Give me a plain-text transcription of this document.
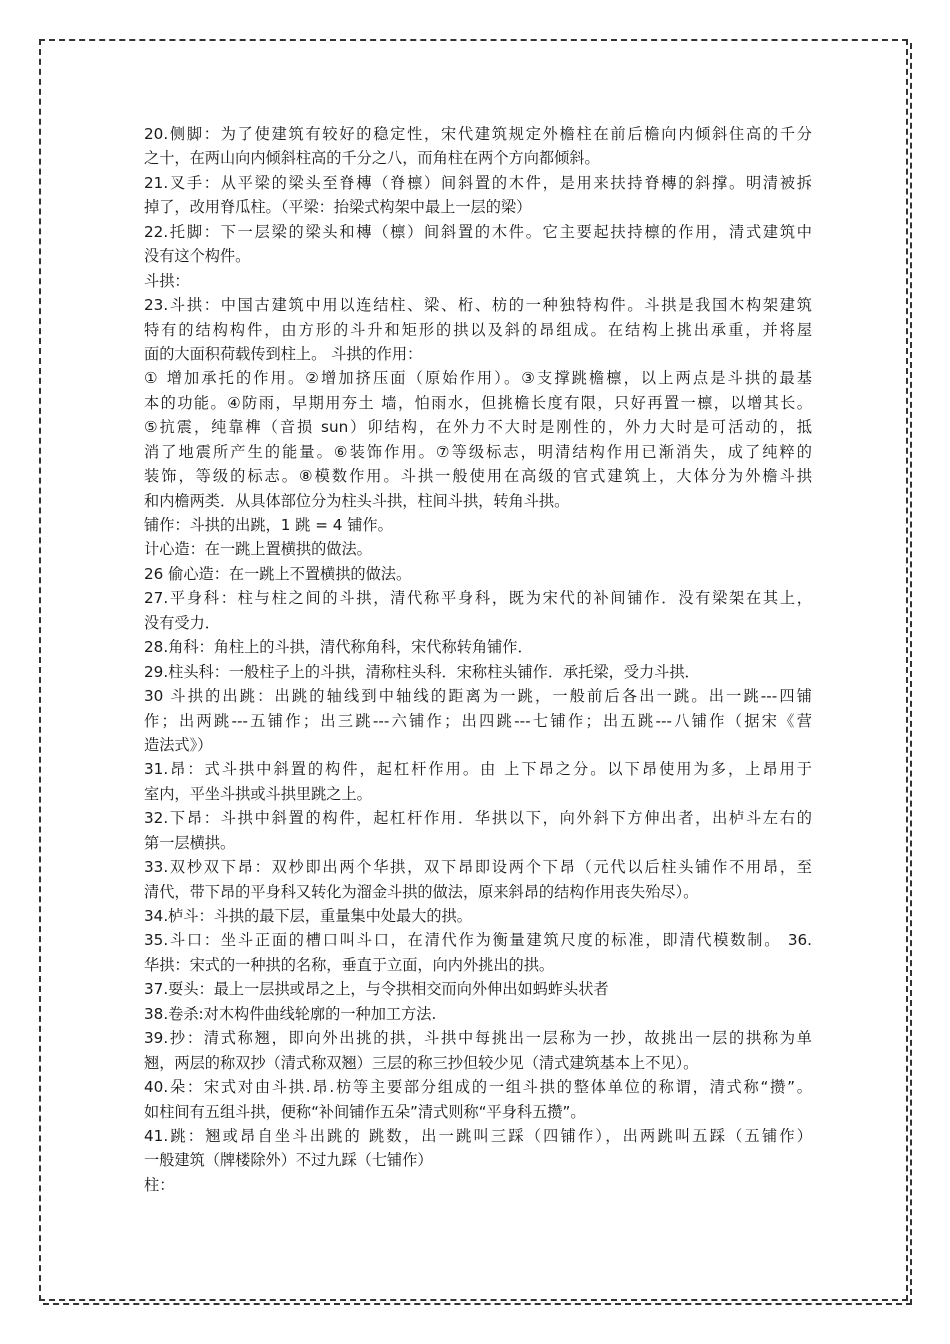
20.侧脚：为了使建筑有较好的稳定性，宋代建筑规定外檐柱在前后檐向内倾斜住高的千分
之十，在两山向内倾斜柱高的千分之八，而角柱在两个方向都倾斜。
21.叉手：从平梁的梁头至脊槫（脊檩）间斜置的木件，是用来扶持脊槫的斜撑。明清被拆
掉了，改用脊瓜柱。（平梁：抬梁式构架中最上一层的梁）
22.托脚：下一层梁的梁头和槫（檩）间斜置的木件。它主要起扶持檩的作用，清式建筑中
没有这个构件。
斗拱：
23.斗拱：中国古建筑中用以连结柱、梁、桁、枋的一种独特构件。斗拱是我国木构架建筑
特有的结构构件，由方形的斗升和矩形的拱以及斜的昂组成。在结构上挑出承重，并将屋
面的大面积荷载传到柱上。 斗拱的作用：
① 增加承托的作用。②增加挤压面（原始作用）。③支撑跳檐檩，以上两点是斗拱的最基
本的功能。④防雨，早期用夯土 墙，怕雨水，但挑檐长度有限，只好再置一檩，以增其长。
⑤抗震，纯靠榫（音损 sun）卯结构，在外力不大时是刚性的，外力大时是可活动的，抵
消了地震所产生的能量。⑥装饰作用。⑦等级标志，明清结构作用已渐消失，成了纯粹的
装饰，等级的标志。⑧模数作用。斗拱一般使用在高级的官式建筑上，大体分为外檐斗拱
和内檐两类．从具体部位分为柱头斗拱，柱间斗拱，转角斗拱。
铺作：斗拱的出跳，1 跳 = 4 铺作。
计心造：在一跳上置横拱的做法。
26 偷心造：在一跳上不置横拱的做法。
27.平身科：柱与柱之间的斗拱，清代称平身科，既为宋代的补间铺作．没有梁架在其上，
没有受力．
28.角科：角柱上的斗拱，清代称角科，宋代称转角铺作．
29.柱头科：一般柱子上的斗拱，清称柱头科．宋称柱头铺作．承托梁，受力斗拱．
30 斗拱的出跳：出跳的轴线到中轴线的距离为一跳，一般前后各出一跳。出一跳---四铺
作；出两跳---五铺作；出三跳---六铺作；出四跳---七铺作；出五跳---八铺作（据宋《营
造法式》）
31.昂：式斗拱中斜置的构件，起杠杆作用。由 上下昂之分。以下昂使用为多，上昂用于
室内，平坐斗拱或斗拱里跳之上。
32.下昂：斗拱中斜置的构件，起杠杆作用．华拱以下，向外斜下方伸出者，出栌斗左右的
第一层横拱。
33.双杪双下昂：双杪即出两个华拱，双下昂即设两个下昂（元代以后柱头铺作不用昂，至
清代，带下昂的平身科又转化为溜金斗拱的做法，原来斜昂的结构作用丧失殆尽）。
34.栌斗：斗拱的最下层，重量集中处最大的拱。
35.斗口：坐斗正面的槽口叫斗口，在清代作为衡量建筑尺度的标准，即清代模数制。 36.
华拱：宋式的一种拱的名称，垂直于立面，向内外挑出的拱。
37.耍头：最上一层拱或昂之上，与令拱相交而向外伸出如蚂蚱头状者
38.卷杀:对木构件曲线轮廓的一种加工方法.
39.抄：清式称翘，即向外出挑的拱，斗拱中每挑出一层称为一抄，故挑出一层的拱称为单
翘，两层的称双抄（清式称双翘）三层的称三抄但较少见（清式建筑基本上不见）。
40.朵：宋式对由斗拱.昂.枋等主要部分组成的一组斗拱的整体单位的称谓，清式称“攒”。
如柱间有五组斗拱，便称“补间铺作五朵”清式则称“平身科五攒”。
41.跳：翘或昂自坐斗出跳的 跳数，出一跳叫三踩（四铺作），出两跳叫五踩（五铺作）
一般建筑（牌楼除外）不过九踩（七铺作）
柱：
